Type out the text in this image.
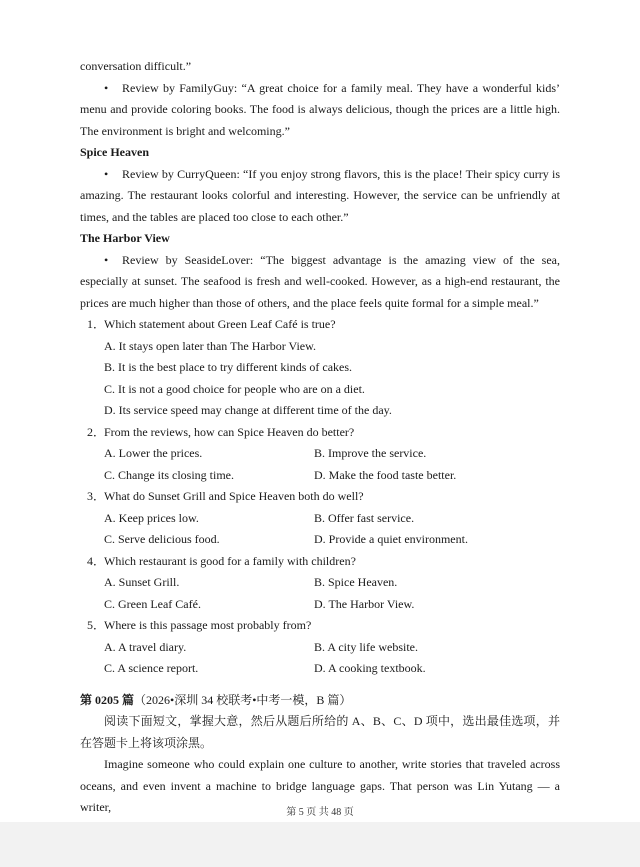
conversation difficult.”

• Review by FamilyGuy: “A great choice for a family meal. They have a wonderful kids’ menu and provide coloring books. The food is always delicious, though the prices are a little high. The environment is bright and welcoming.”

Spice Heaven

• Review by CurryQueen: “If you enjoy strong flavors, this is the place! Their spicy curry is amazing. The restaurant looks colorful and interesting. However, the service can be unfriendly at times, and the tables are placed too close to each other.”

The Harbor View

• Review by SeasideLover: “The biggest advantage is the amazing view of the sea, especially at sunset. The seafood is fresh and well-cooked. However, as a high-end restaurant, the prices are much higher than those of others, and the place feels quite formal for a simple meal.”

1．Which statement about Green Leaf Café is true?

A. It stays open later than The Harbor View.

B. It is the best place to try different kinds of cakes.

C. It is not a good choice for people who are on a diet.

D. Its service speed may change at different time of the day.

2．From the reviews, how can Spice Heaven do better?

A. Lower the prices.	B. Improve the service.
C. Change its closing time.	D. Make the food taste better.

3．What do Sunset Grill and Spice Heaven both do well?

A. Keep prices low.	B. Offer fast service.
C. Serve delicious food.	D. Provide a quiet environment.

4．Which restaurant is good for a family with children?

A. Sunset Grill.	B. Spice Heaven.
C. Green Leaf Café.	D. The Harbor View.

5．Where is this passage most probably from?

A. A travel diary.	B. A city life website.
C. A science report.	D. A cooking textbook.

第 0205 篇（2026•深圳 34 校联考•中考一模，B 篇）

阅读下面短文，掌握大意，然后从题后所给的 A、B、C、D 项中，选出最佳选项，并在答题卡上将该项涂黑。

Imagine someone who could explain one culture to another, write stories that traveled across oceans, and even invent a machine to bridge language gaps. That person was Lin Yutang — a writer,	第 5 页 共 48 页
